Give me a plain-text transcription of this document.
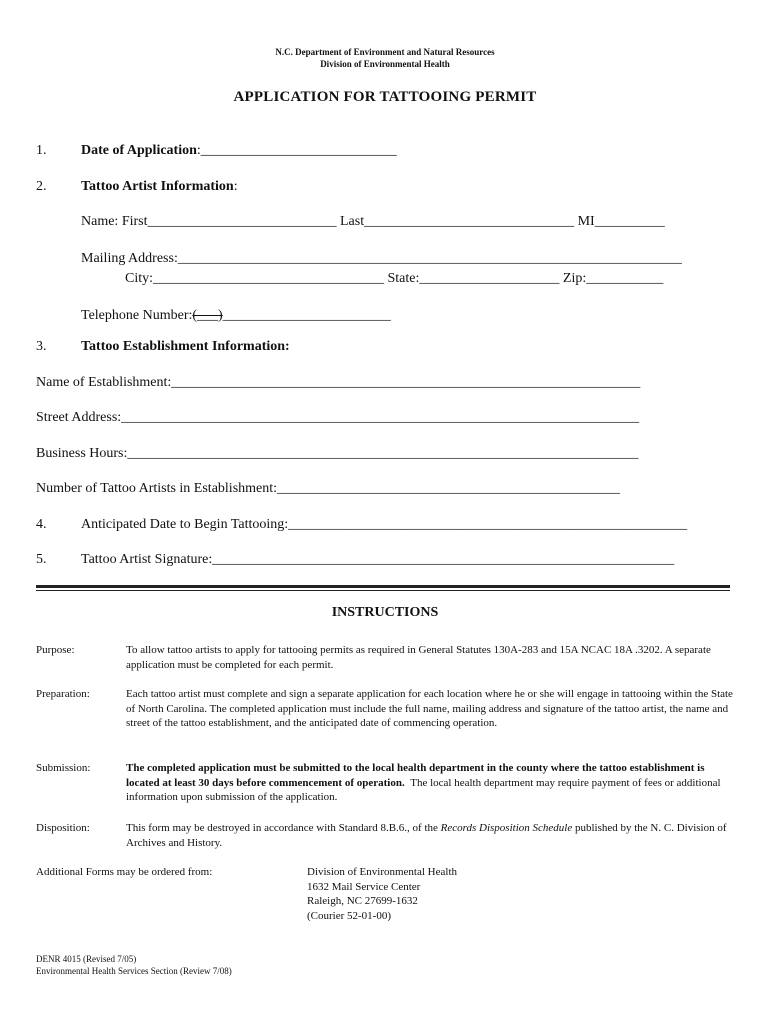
N.C. Department of Environment and Natural Resources
Division of Environmental Health
APPLICATION FOR TATTOOING PERMIT
1. Date of Application:____________________________
2. Tattoo Artist Information:
Name: First___________________________ Last______________________________ MI__________
Mailing Address:________________________________________________________________________
City:_________________________________ State:____________________ Zip:___________
Telephone Number:(___)________________________
3. Tattoo Establishment Information:
Name of Establishment:___________________________________________________________________
Street Address:__________________________________________________________________________
Business Hours:_________________________________________________________________________
Number of Tattoo Artists in Establishment:_________________________________________________
4. Anticipated Date to Begin Tattooing:_________________________________________________________
5. Tattoo Artist Signature:__________________________________________________________________
INSTRUCTIONS
Purpose:	To allow tattoo artists to apply for tattooing permits as required in General Statutes 130A-283 and 15A NCAC 18A .3202. A separate application must be completed for each permit.
Preparation:	Each tattoo artist must complete and sign a separate application for each location where he or she will engage in tattooing within the State of North Carolina. The completed application must include the full name, mailing address and signature of the tattoo artist, the name and street of the tattoo establishment, and the anticipated date of commencing operation.
Submission:	The completed application must be submitted to the local health department in the county where the tattoo establishment is located at least 30 days before commencement of operation. The local health department may require payment of fees or additional information upon submission of the application.
Disposition:	This form may be destroyed in accordance with Standard 8.B.6., of the Records Disposition Schedule published by the N. C. Division of Archives and History.
Additional Forms may be ordered from:	Division of Environmental Health
1632 Mail Service Center
Raleigh, NC 27699-1632
(Courier 52-01-00)
DENR 4015 (Revised 7/05)
Environmental Health Services Section (Review 7/08)
